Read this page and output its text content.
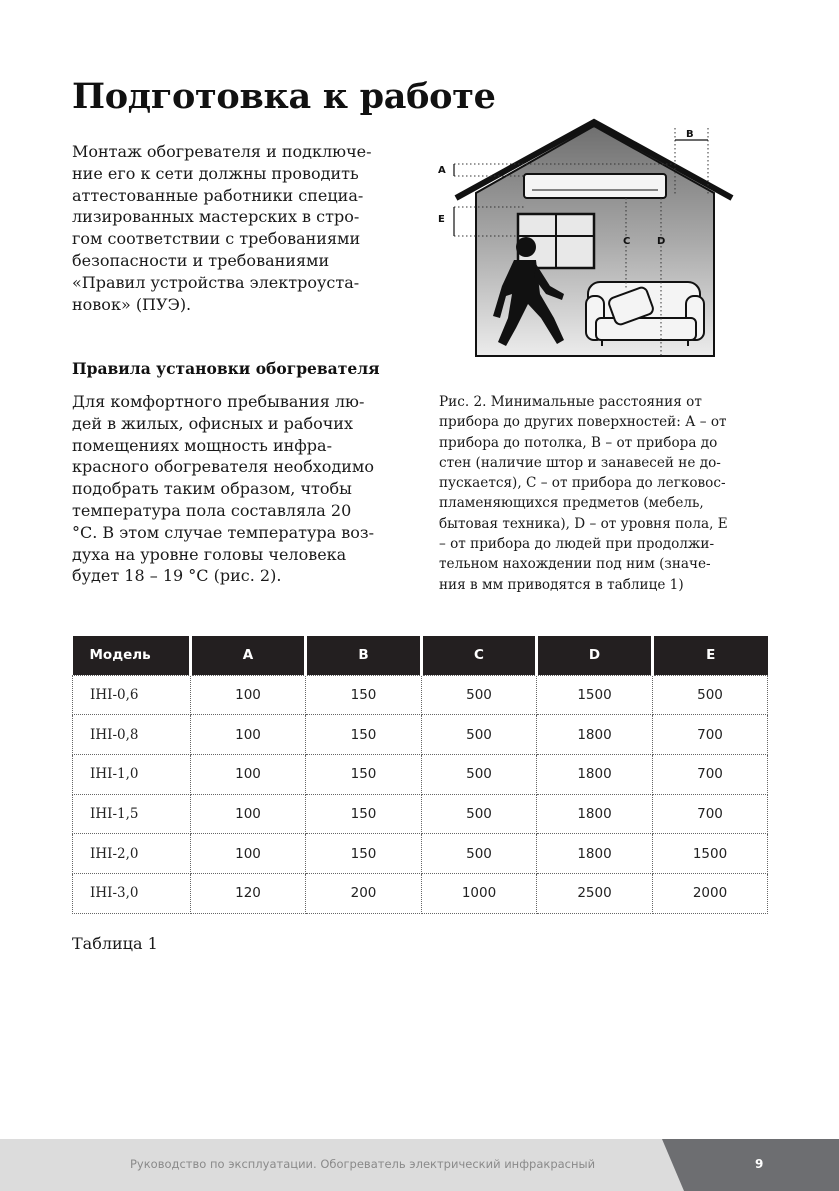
Подготовка к работе

Монтаж обогревателя и подключе-
ние его к сети должны проводить
аттестованные работники специа-
лизированных мастерских в стро-
гом соответствии с требованиями
безопасности и требованиями
«Правил устройства электроуста-
новок» (ПУЭ).

A
B
C	D
E
Правила установки обогревателя

Для комфортного пребывания лю-
дей в жилых, офисных и рабочих
помещениях мощность инфра-
красного обогревателя необходимо
подобрать таким образом, чтобы
температура пола составляла 20
°С. В этом случае температура воз-
духа на уровне головы человека
будет 18 – 19 °С (рис. 2).

Рис. 2. Минимальные расстояния от
прибора до других поверхностей: А – от
прибора до потолка, В – от прибора до
стен (наличие штор и занавесей не до-
пускается), С – от прибора до легковос-
пламеняющихся предметов (мебель,
бытовая техника), D – от уровня пола, Е
– от прибора до людей при продолжи-
тельном нахождении под ним (значе-
ния в мм приводятся в таблице 1)

Модель	A	B	C	D	E
IHI-0,6	100	150	500	1500	500
IHI-0,8	100	150	500	1800	700
IHI-1,0	100	150	500	1800	700
IHI-1,5	100	150	500	1800	700
IHI-2,0	100	150	500	1800	1500
IHI-3,0	120	200	1000	2500	2000

Таблица 1

Руководство по эксплуатации. Обогреватель электрический инфракрасный	9
